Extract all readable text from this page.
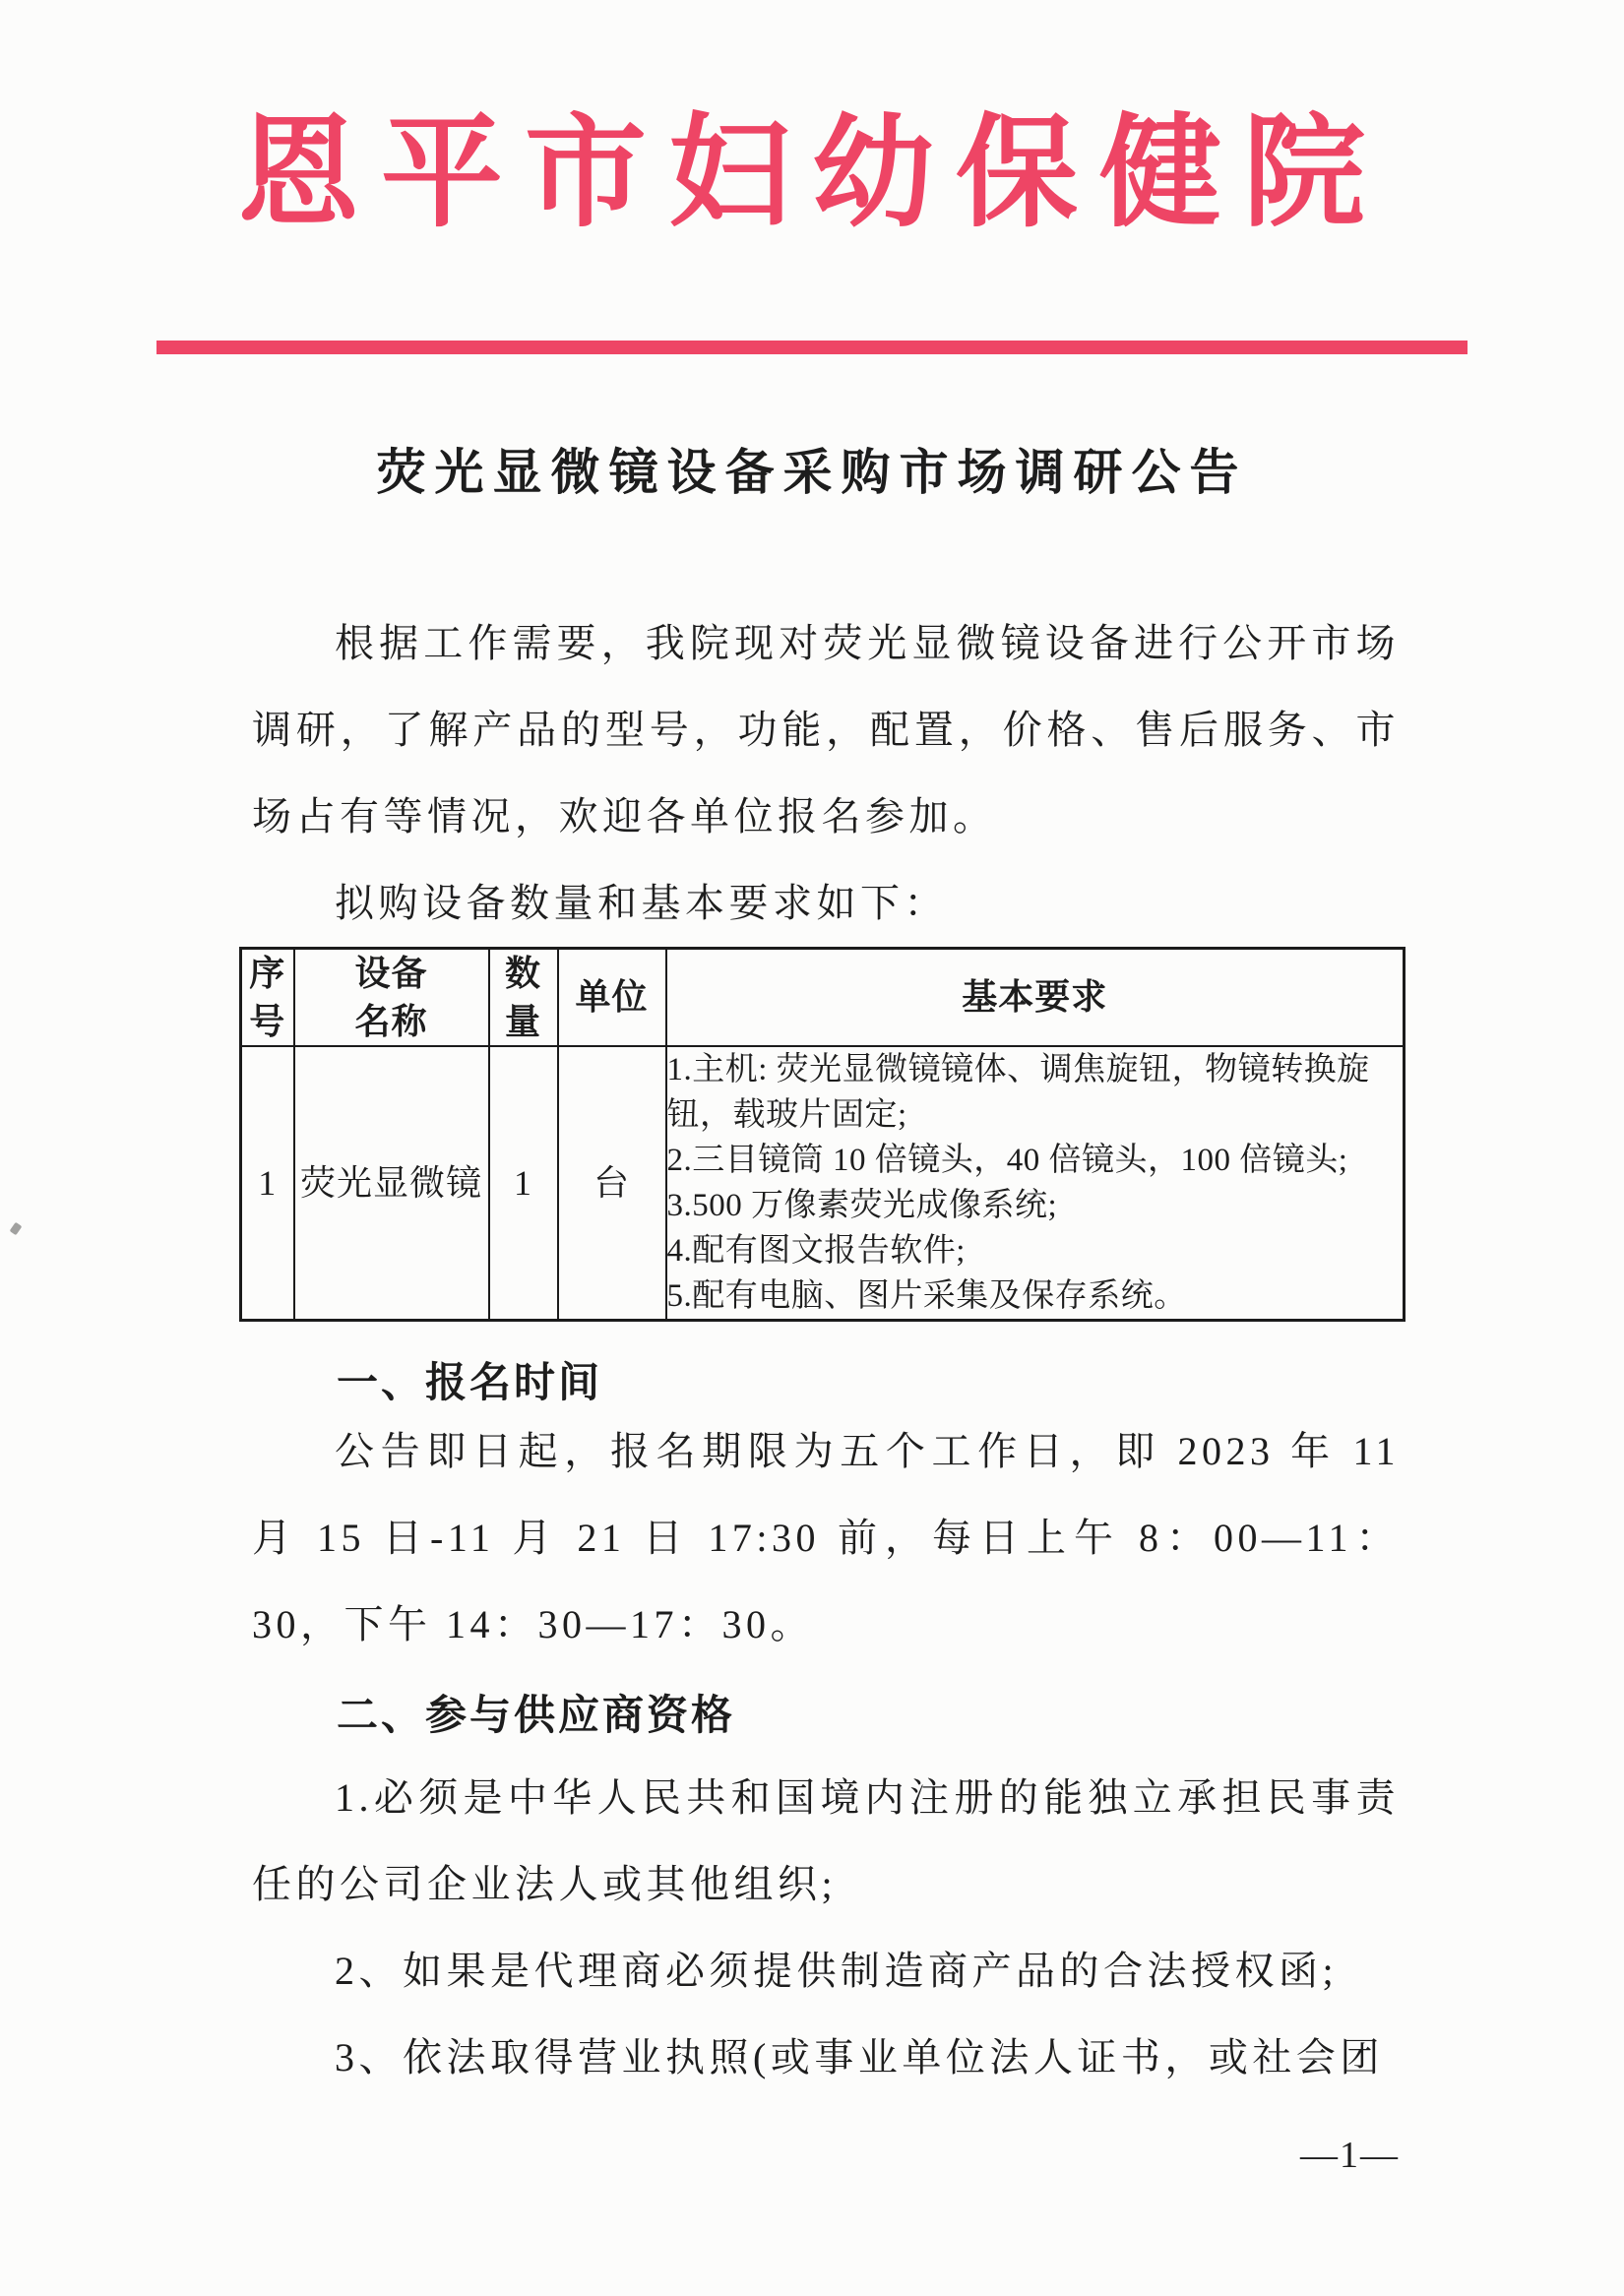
恩平市妇幼保健院
荧光显微镜设备采购市场调研公告

根据工作需要，我院现对荧光显微镜设备进行公开市场调研，了解产品的型号，功能，配置，价格、售后服务、市场占有等情况，欢迎各单位报名参加。

拟购设备数量和基本要求如下：

序号	设备名称	数量	单位	基本要求
1	荧光显微镜	1	台	1.主机: 荧光显微镜镜体、调焦旋钮，物镜转换旋钮，载玻片固定;
2.三目镜筒 10 倍镜头，40 倍镜头，100 倍镜头;
3.500 万像素荧光成像系统;
4.配有图文报告软件;
5.配有电脑、图片采集及保存系统。
一、报名时间

公告即日起，报名期限为五个工作日，即 2023 年 11 月 15 日-11 月 21 日 17:30 前，每日上午 8：00—11：30，下午 14：30—17：30。

二、参与供应商资格

1.必须是中华人民共和国境内注册的能独立承担民事责任的公司企业法人或其他组织;

2、如果是代理商必须提供制造商产品的合法授权函;

3、依法取得营业执照(或事业单位法人证书，或社会团

—1—
